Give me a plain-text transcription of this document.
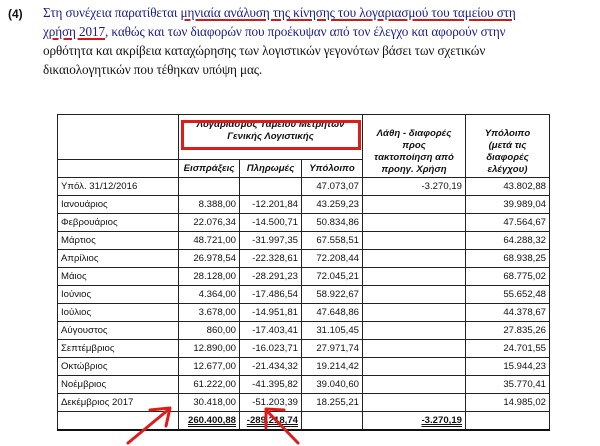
(4) Στη συνέχεια παρατίθεται μηνιαία ανάλυση της κίνησης του λογαριασμού του ταμείου στη
χρήση 2017, καθώς και των διαφορών που προέκυψαν από τον έλεγχο και αφορούν στην
ορθότητα και ακρίβεια καταχώρησης των λογιστικών γεγονότων βάσει των σχετικών
δικαιολογητικών που τέθηκαν υπόψη μας.
	Λογαριασμός Ταμείου Μετρητών
Γενικής Λογιστικής			Λάθη - διαφορές
προς
τακτοποίηση από
προηγ. Χρήση	Υπόλοιπο
(μετά τις
διαφορές
ελέγχου)
	Εισπράξεις	Πληρωμές	Υπόλοιπο		
Υπόλ. 31/12/2016			47.073,07	-3.270,19	43.802,88
Ιανουάριος	8.388,00	-12.201,84	43.259,23		39.989,04
Φεβρουάριος	22.076,34	-14.500,71	50.834,86		47.564,67
Μάρτιος	48.721,00	-31.997,35	67.558,51		64.288,32
Απρίλιος	26.978,54	-22.328,61	72.208,44		68.938,25
Μάιος	28.128,00	-28.291,23	72.045,21		68.775,02
Ιούνιος	4.364,00	-17.486,54	58.922,67		55.652,48
Ιούλιος	3.678,00	-14.951,81	47.648,86		44.378,67
Αύγουστος	860,00	-17.403,41	31.105,45		27.835,26
Σεπτέμβριος	12.890,00	-16.023,71	27.971,74		24.701,55
Οκτώβριος	12.677,00	-21.434,32	19.214,42		15.944,23
Νοέμβριος	61.222,00	-41.395,82	39.040,60		35.770,41
Δεκέμβριος 2017	30.418,00	-51.203,39	18.255,21		14.985,02
	260.400,88	-289.218,74		-3.270,19	
